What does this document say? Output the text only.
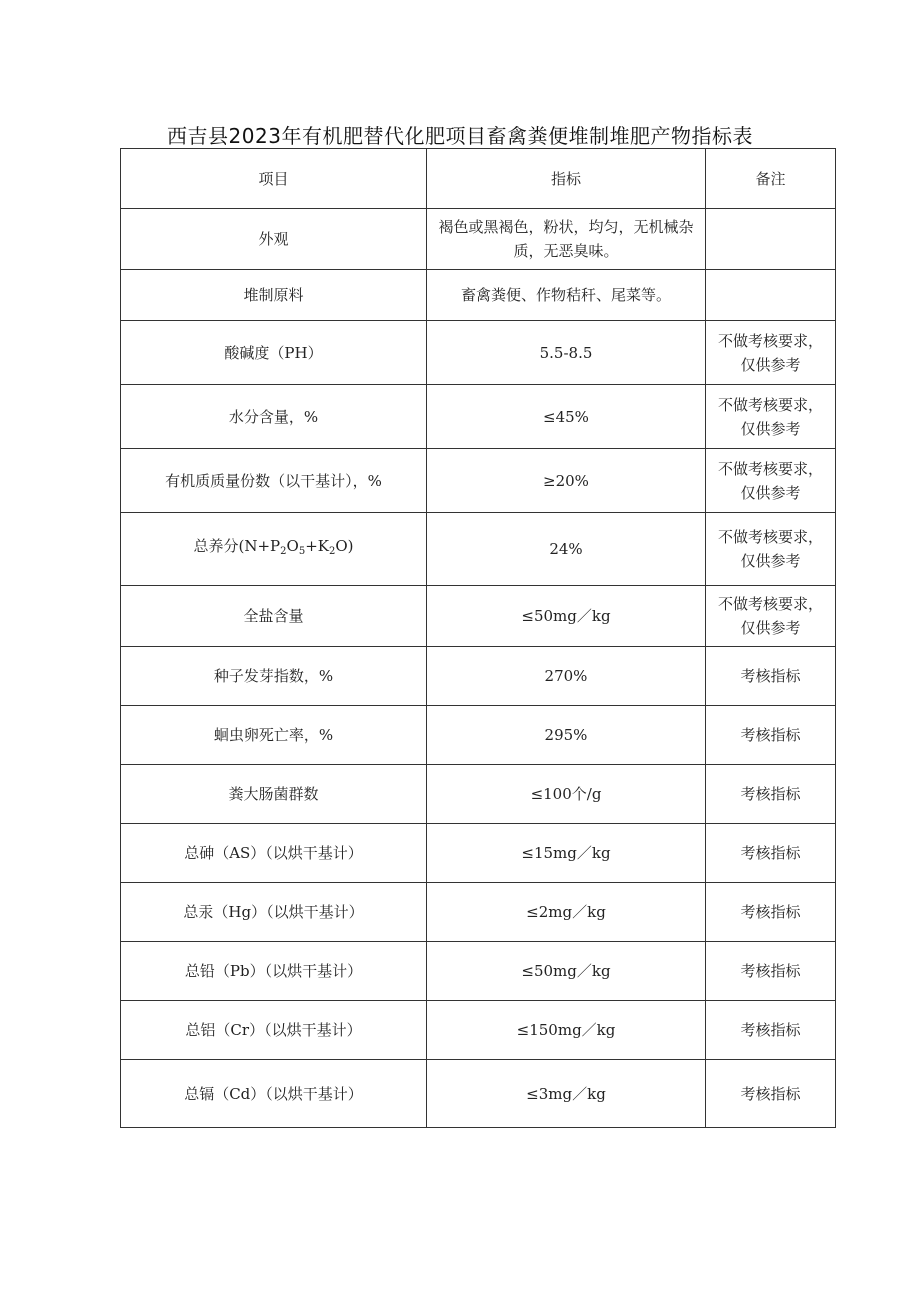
西吉县2023年有机肥替代化肥项目畜禽粪便堆制堆肥产物指标表
项目	指标	备注
外观	褐色或黑褐色，粉状，均匀，无机械杂质，无恶臭味。	
堆制原料	畜禽粪便、作物秸秆、尾菜等。	
酸碱度（PH）	5.5-8.5	不做考核要求，仅供参考
水分含量，%	≤45%	不做考核要求，仅供参考
有机质质量份数（以干基计），%	≥20%	不做考核要求，仅供参考
总养分$(N+P_2O_5+K_2O)$	24%	不做考核要求，仅供参考
全盐含量	≤50mg／kg	不做考核要求，仅供参考
种子发芽指数，%	270%	考核指标
蛔虫卵死亡率，%	295%	考核指标
粪大肠菌群数	≤100个/g	考核指标
总砷（AS）（以烘干基计）	≤15mg／kg	考核指标
总汞（Hg）（以烘干基计）	≤2mg／kg	考核指标
总铅（Pb）（以烘干基计）	≤50mg／kg	考核指标
总铝（Cr）（以烘干基计）	≤150mg／kg	考核指标
总镉（Cd）（以烘干基计）	≤3mg／kg	考核指标
